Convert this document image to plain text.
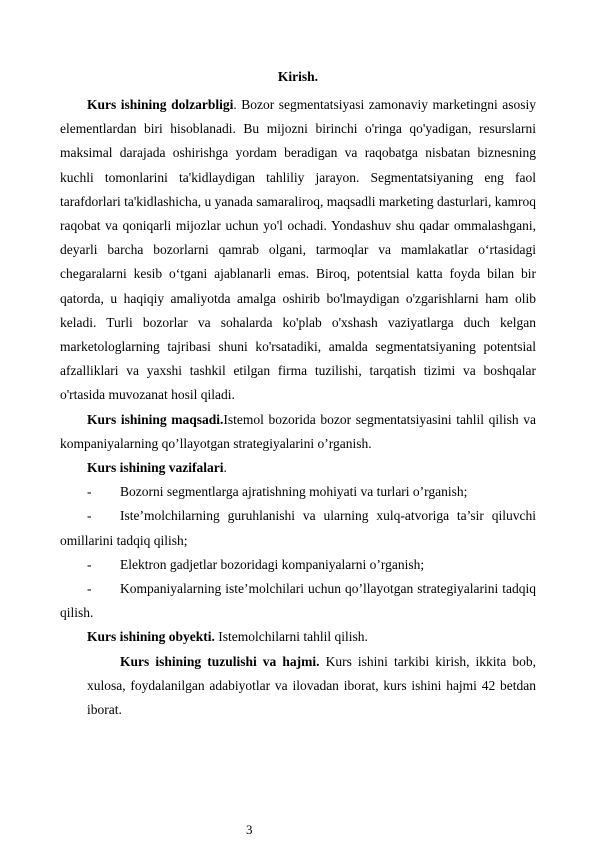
Kirish.

Kurs ishining dolzarbligi. Bozor segmentatsiyasi zamonaviy marketingni asosiy elementlardan biri hisoblanadi. Bu mijozni birinchi o'ringa qo'yadigan, resurslarni maksimal darajada oshirishga yordam beradigan va raqobatga nisbatan biznesning kuchli tomonlarini ta'kidlaydigan tahliliy jarayon. Segmentatsiyaning eng faol tarafdorlari ta'kidlashicha, u yanada samaraliroq, maqsadli marketing dasturlari, kamroq raqobat va qoniqarli mijozlar uchun yo'l ochadi. Yondashuv shu qadar ommalashgani, deyarli barcha bozorlarni qamrab olgani, tarmoqlar va mamlakatlar o‘rtasidagi chegaralarni kesib o‘tgani ajablanarli emas. Biroq, potentsial katta foyda bilan bir qatorda, u haqiqiy amaliyotda amalga oshirib bo'lmaydigan o'zgarishlarni ham olib keladi. Turli bozorlar va sohalarda ko'plab o'xshash vaziyatlarga duch kelgan marketologlarning tajribasi shuni ko'rsatadiki, amalda segmentatsiyaning potentsial afzalliklari va yaxshi tashkil etilgan firma tuzilishi, tarqatish tizimi va boshqalar o'rtasida muvozanat hosil qiladi.

Kurs ishining maqsadi.Istemol bozorida bozor segmentatsiyasini tahlil qilish va kompaniyalarning qo’llayotgan strategiyalarini o’rganish.

Kurs ishining vazifalari.

- Bozorni segmentlarga ajratishning mohiyati va turlari o’rganish;
- Iste’molchilarning guruhlanishi va ularning xulq-atvoriga ta’sir qiluvchi omillarini tadqiq qilish;
- Elektron gadjetlar bozoridagi kompaniyalarni o’rganish;
- Kompaniyalarning iste’molchilari uchun qo’llayotgan strategiyalarini tadqiq qilish.

Kurs ishining obyekti. Istemolchilarni tahlil qilish.

Kurs ishining tuzulishi va hajmi. Kurs ishini tarkibi kirish, ikkita bob, xulosa, foydalanilgan adabiyotlar va ilovadan iborat, kurs ishini hajmi 42 betdan iborat.
3
